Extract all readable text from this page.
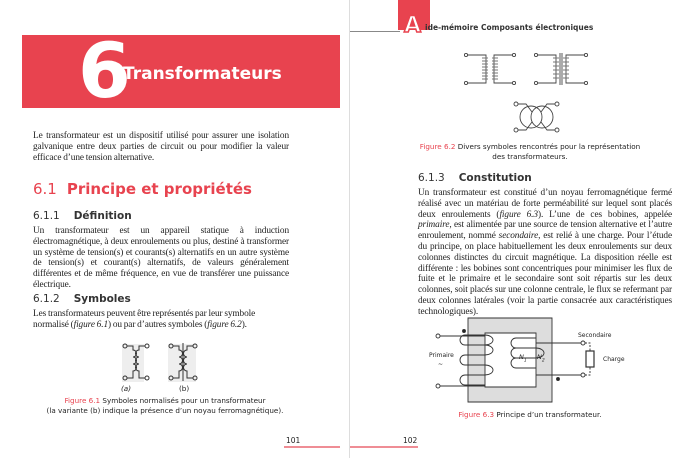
6
Transformateurs

Le transformateur est un dispositif utilisé pour assurer une isolation galvanique entre deux parties de circuit ou pour modifier la valeur efficace d’une tension alternative.

6.1 Principe et propriétés
6.1.1 Définition

Un transformateur est un appareil statique à induction électromagnétique, à deux enroulements ou plus, destiné à transformer un système de tension(s) et courants(s) alternatifs en un autre système de tension(s) et courant(s) alternatifs, de valeurs généralement différentes et de même fréquence, en vue de transférer une puissance électrique.

6.1.2 Symboles

Les transformateurs peuvent être représentés par leur symbole normalisé (figure 6.1) ou par d’autres symboles (figure 6.2).

(a)	(b)
Figure 6.1 Symboles normalisés pour un transformateur
(la variante (b) indique la présence d’un noyau ferromagnétique).
101
A ide-mémoire Composants électroniques
Figure 6.2 Divers symboles rencontrés pour la représentation
des transformateurs.
6.1.3 Constitution

Un transformateur est constitué d’un noyau ferromagnétique fermé réalisé avec un matériau de forte perméabilité sur lequel sont placés deux enroulements (figure 6.3). L’une de ces bobines, appelée primaire, est alimentée par une source de tension alternative et l’autre enroulement, nommé secondaire, est relié à une charge. Pour l’étude du principe, on place habituellement les deux enroulements sur deux colonnes distinctes du circuit magnétique. La disposition réelle est différente : les bobines sont concentriques pour minimiser les flux de fuite et le primaire et le secondaire sont soit répartis sur les deux colonnes, soit placés sur une colonne centrale, le flux se refermant par deux colonnes latérales (voir la partie consacrée aux caractéristiques technologiques).

Primaire
~
$N_1$ $N_2$
Secondaire
Charge
Figure 6.3 Principe d’un transformateur.
102
